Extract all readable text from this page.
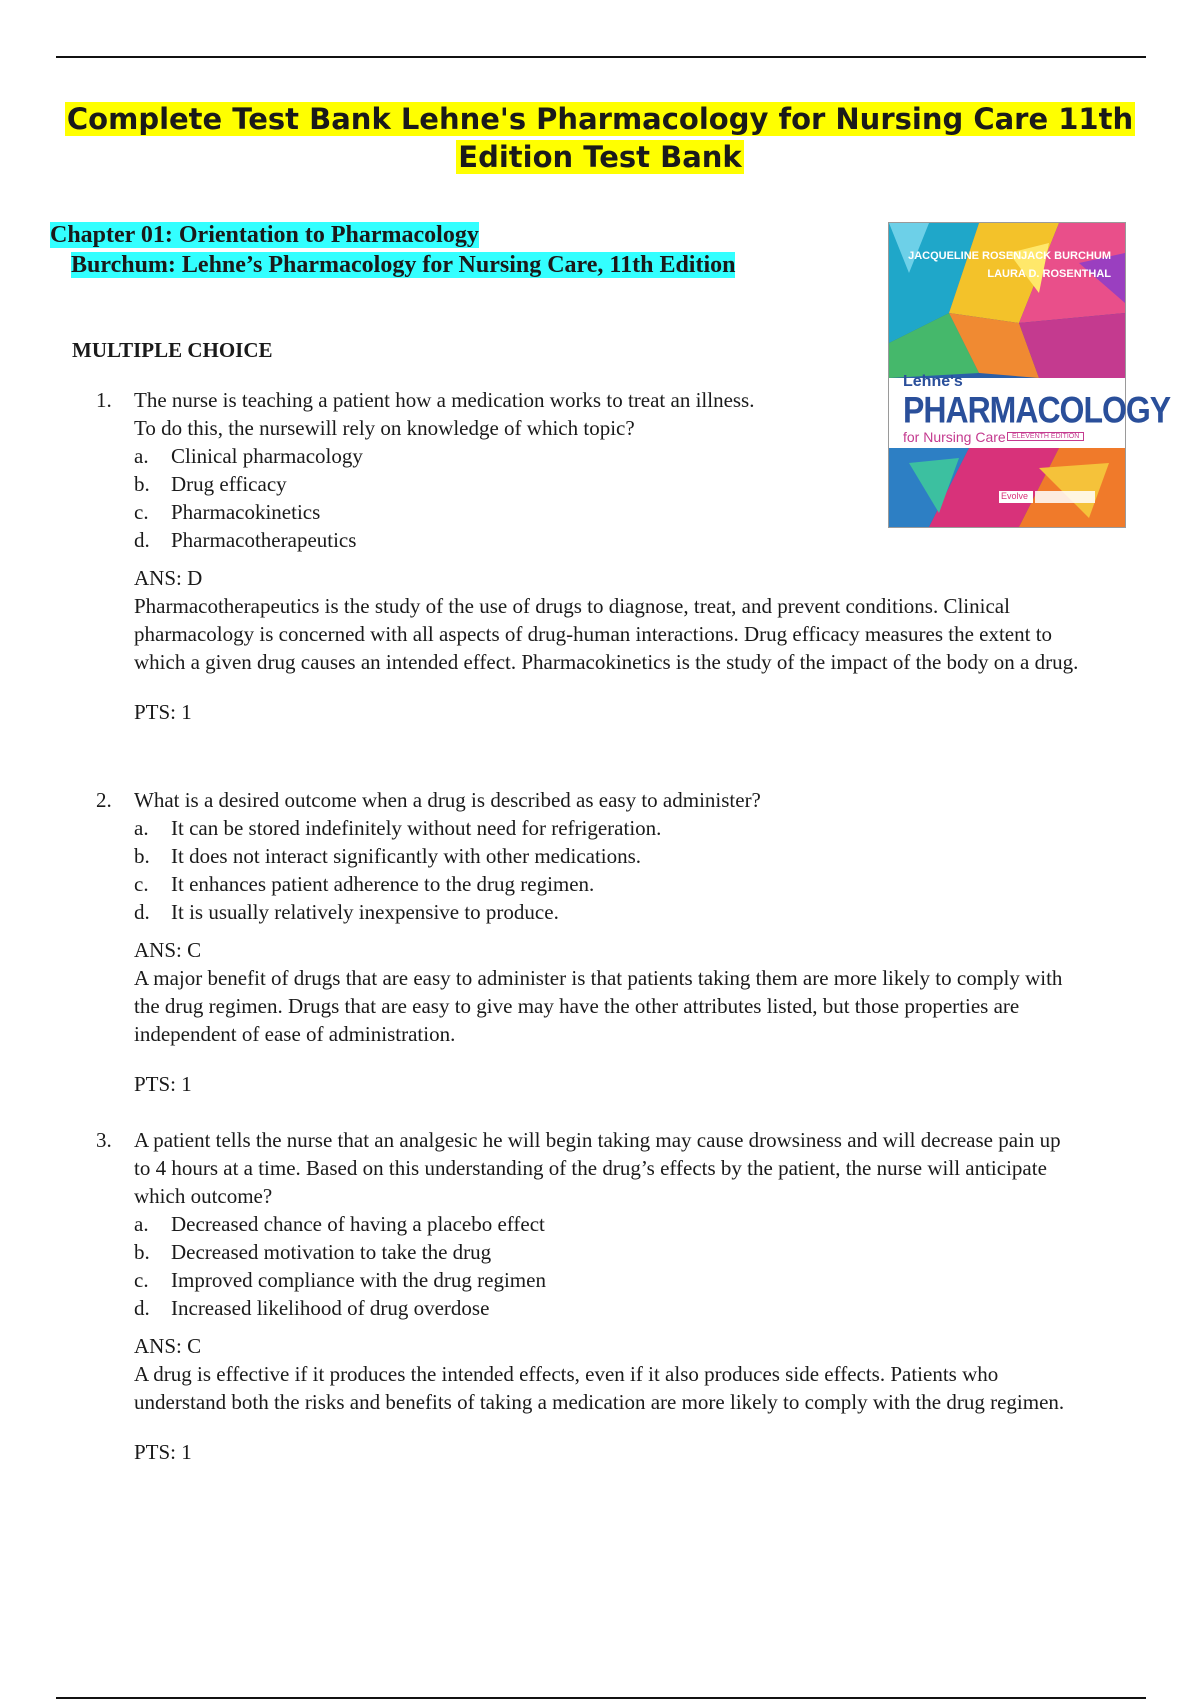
Complete Test Bank Lehne's Pharmacology for Nursing Care 11th
Edition Test Bank
Chapter 01: Orientation to Pharmacology
Burchum: Lehne’s Pharmacology for Nursing Care, 11th Edition	JACQUELINE ROSENJACK BURCHUM
LAURA D. ROSENTHAL
Lehne's
PHARMACOLOGY
for Nursing Care ELEVENTH EDITION
Evolve
MULTIPLE CHOICE
1.	The nurse is teaching a patient how a medication works to treat an illness.
To do this, the nursewill rely on knowledge of which topic?
a.	Clinical pharmacology
b.	Drug efficacy
c.	Pharmacokinetics
d.	Pharmacotherapeutics
ANS: D
Pharmacotherapeutics is the study of the use of drugs to diagnose, treat, and prevent conditions. Clinical pharmacology is concerned with all aspects of drug-human interactions. Drug efficacy measures the extent to which a given drug causes an intended effect. Pharmacokinetics is the study of the impact of the body on a drug.
PTS: 1
2.	What is a desired outcome when a drug is described as easy to administer?
a.	It can be stored indefinitely without need for refrigeration.
b.	It does not interact significantly with other medications.
c.	It enhances patient adherence to the drug regimen.
d.	It is usually relatively inexpensive to produce.
ANS: C
A major benefit of drugs that are easy to administer is that patients taking them are more likely to comply with the drug regimen. Drugs that are easy to give may have the other attributes listed, but those properties are independent of ease of administration.
PTS: 1
3.	A patient tells the nurse that an analgesic he will begin taking may cause drowsiness and will decrease pain up to 4 hours at a time. Based on this understanding of the drug’s effects by the patient, the nurse will anticipate which outcome?
a.	Decreased chance of having a placebo effect
b.	Decreased motivation to take the drug
c.	Improved compliance with the drug regimen
d.	Increased likelihood of drug overdose
ANS: C
A drug is effective if it produces the intended effects, even if it also produces side effects. Patients who understand both the risks and benefits of taking a medication are more likely to comply with the drug regimen.
PTS: 1
